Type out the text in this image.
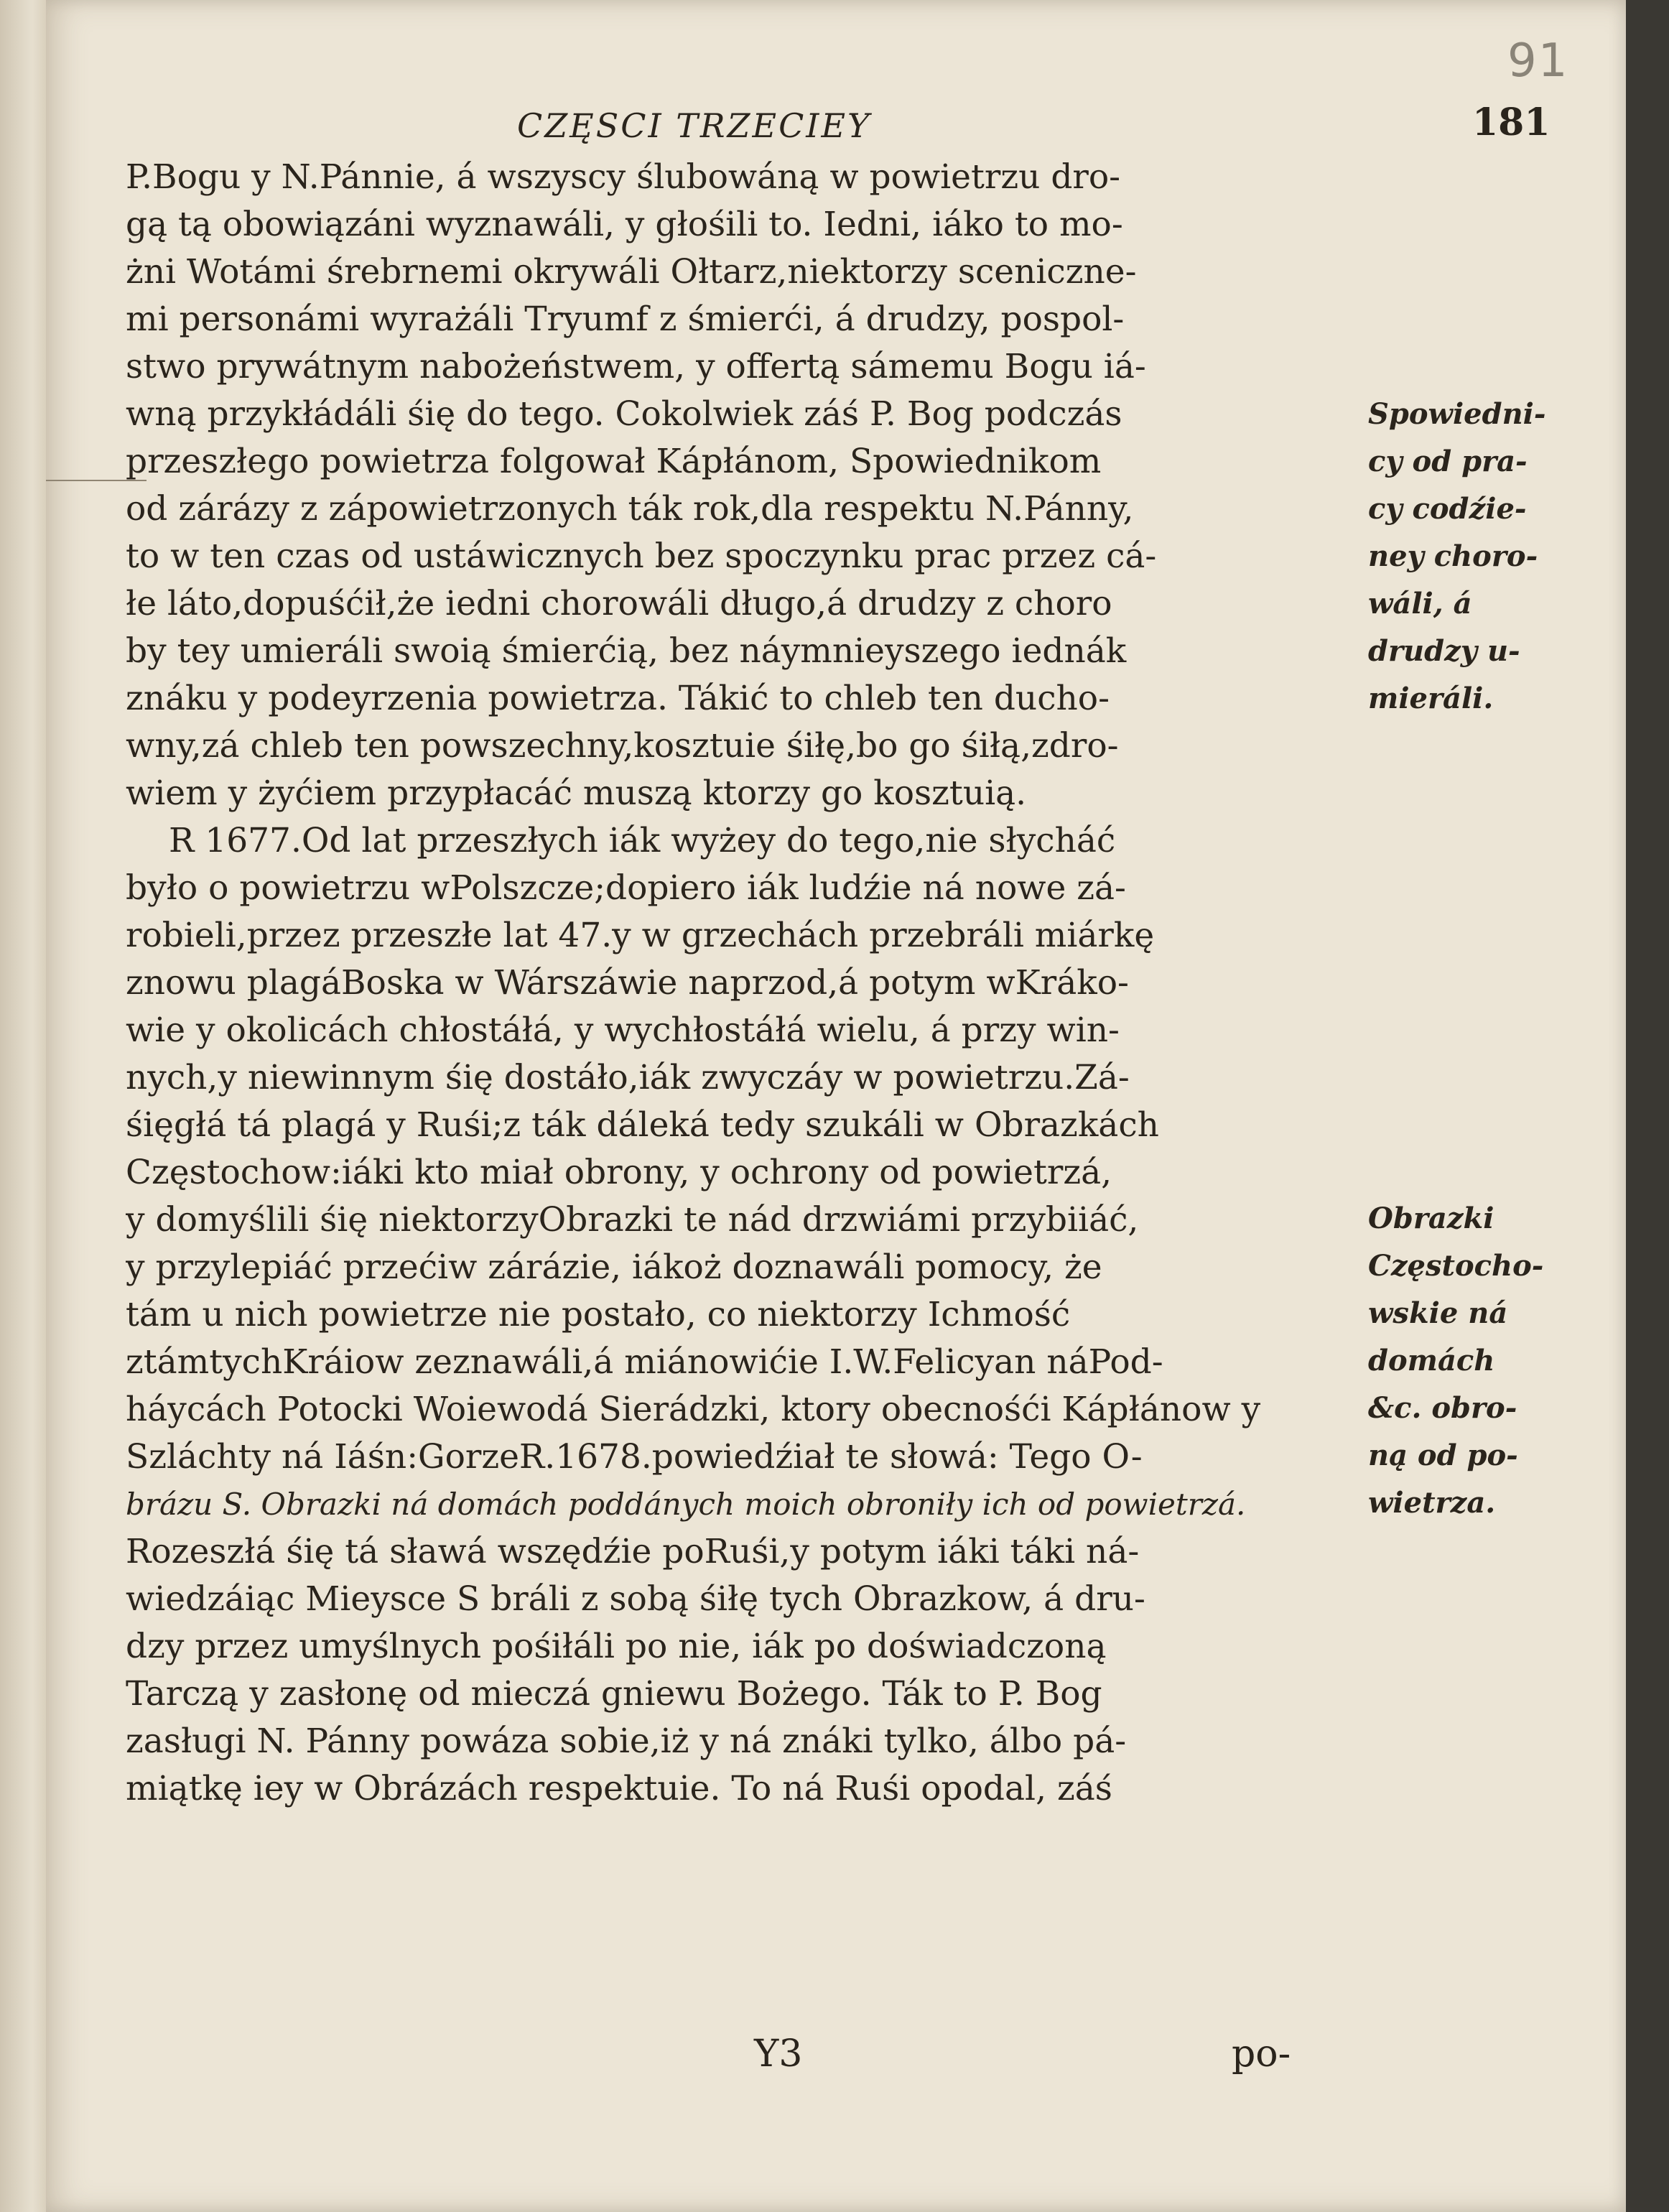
91
CZĘSCI TRZECIEY	181
P.Bogu y N.Pánnie, á wszyscy ślubowáną w powietrzu dro-
gą tą obowiązáni wyznawáli, y głośili to. Iedni, iáko to mo-
żni Wotámi śrebrnemi okrywáli Ołtarz,niektorzy sceniczne-
mi personámi wyrażáli Tryumf z śmierći, á drudzy, pospol-
stwo prywátnym nabożeństwem, y offertą sámemu Bogu iá-
wną przykłádáli śię do tego. Cokolwiek záś P. Bog podczás
przeszłego powietrza folgował Kápłánom, Spowiednikom
od zárázy z zápowietrzonych ták rok,dla respektu N.Pánny,
to w ten czas od ustáwicznych bez spoczynku prac przez cá-
łe láto,dopuśćił,że iedni chorowáli długo,á drudzy z choro
by tey umieráli swoią śmierćią, bez náymnieyszego iednák
znáku y podeyrzenia powietrza. Tákić to chleb ten ducho-
wny,zá chleb ten powszechny,kosztuie śiłę,bo go śiłą,zdro-
wiem y żyćiem przypłacáć muszą ktorzy go kosztuią.
R 1677.Od lat przeszłych iák wyżey do tego,nie słycháć
było o powietrzu wPolszcze;dopiero iák ludźie ná nowe zá-
robieli,przez przeszłe lat 47.y w grzechách przebráli miárkę
znowu plagáBoska w Wárszáwie naprzod,á potym wKráko-
wie y okolicách chłostáłá, y wychłostáłá wielu, á przy win-
nych,y niewinnym śię dostáło,iák zwyczáy w powietrzu.Zá-
śięgłá tá plagá y Ruśi;z ták dáleká tedy szukáli w Obrazkách
Częstochow:iáki kto miał obrony, y ochrony od powietrzá,
y domyślili śię niektorzyObrazki te nád drzwiámi przybiiáć,
y przylepiáć przećiw zárázie, iákoż doznawáli pomocy, że
tám u nich powietrze nie postało, co niektorzy Ichmość
ztámtychKráiow zeznawáli,á miánowićie I.W.Felicyan náPod-
háycách Potocki Woiewodá Sierádzki, ktory obecnośći Kápłánow y
Szláchty ná Iáśn:GorzeR.1678.powiedźiał te słowá: Tego O-
brázu S. Obrazki ná domách poddánych moich obroniły ich od powietrzá.
Rozeszłá śię tá sławá wszędźie poRuśi,y potym iáki táki ná-
wiedzáiąc Mieysce S bráli z sobą śiłę tych Obrazkow, á dru-
dzy przez umyślnych pośiłáli po nie, iák po doświadczoną
Tarczą y zasłonę od mieczá gniewu Bożego. Ták to P. Bog
zasługi N. Pánny powáza sobie,iż y ná znáki tylko, álbo pá-
miątkę iey w Obrázách respektuie. To ná Ruśi opodal, záś
Spowiedni-
cy od pra-
cy codźie-
ney choro-
wáli, á
drudzy u-
mieráli.
Obrazki
Częstocho-
wskie ná
domách
&c. obro-
ną od po-
wietrza.
Y3	po-
